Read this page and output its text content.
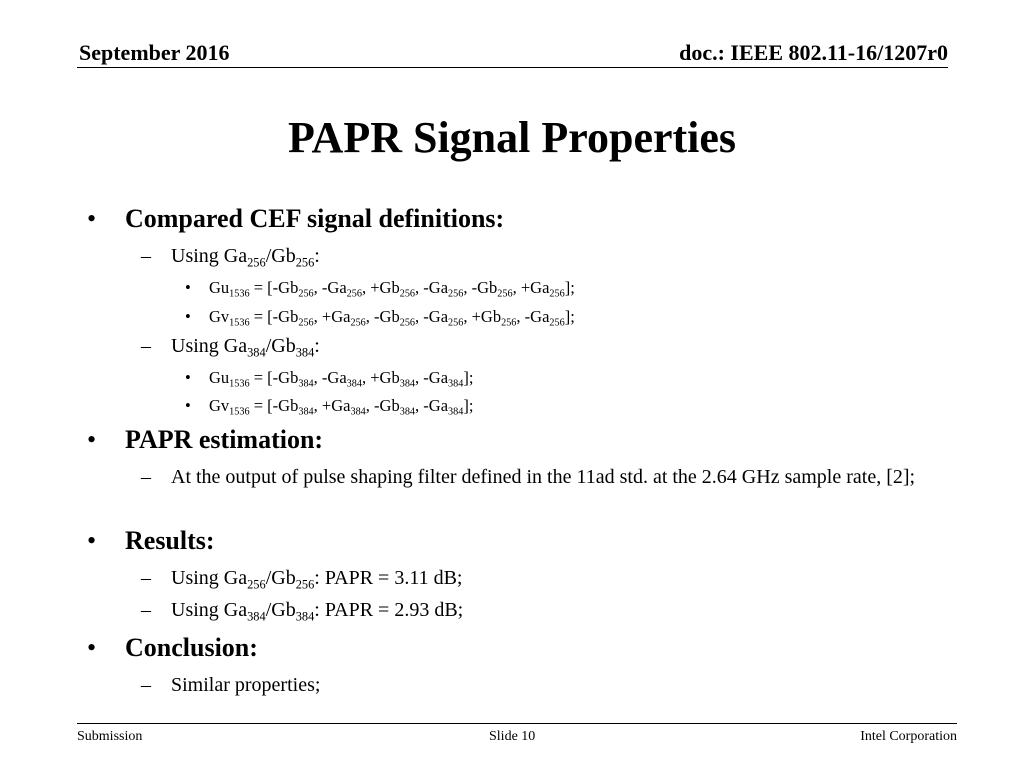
September 2016	doc.: IEEE 802.11-16/1207r0
PAPR Signal Properties
• Compared CEF signal definitions:
– Using $Ga_{256}/Gb_{256}$:
• $Gu_{1536} = [-Gb_{256}$, $-Ga_{256}$, $+Gb_{256}$, $-Ga_{256}$, $-Gb_{256}$, $+Ga_{256}$];
• $Gv_{1536} = [-Gb_{256}$, $+Ga_{256}$, $-Gb_{256}$, $-Ga_{256}$, $+Gb_{256}$, $-Ga_{256}$];
– Using $Ga_{384}/Gb_{384}$:
• $Gu_{1536} = [-Gb_{384}$, $-Ga_{384}$, $+Gb_{384}$, $-Ga_{384}$];
• $Gv_{1536} = [-Gb_{384}$, $+Ga_{384}$, $-Gb_{384}$, $-Ga_{384}$];
• PAPR estimation:
– At the output of pulse shaping filter defined in the 11ad std. at the 2.64 GHz sample rate, [2];
• Results:
– Using $Ga_{256}/Gb_{256}$: PAPR = 3.11 dB;
– Using $Ga_{384}/Gb_{384}$: PAPR = 2.93 dB;
• Conclusion:
– Similar properties;
Submission	Slide 10	Intel Corporation
